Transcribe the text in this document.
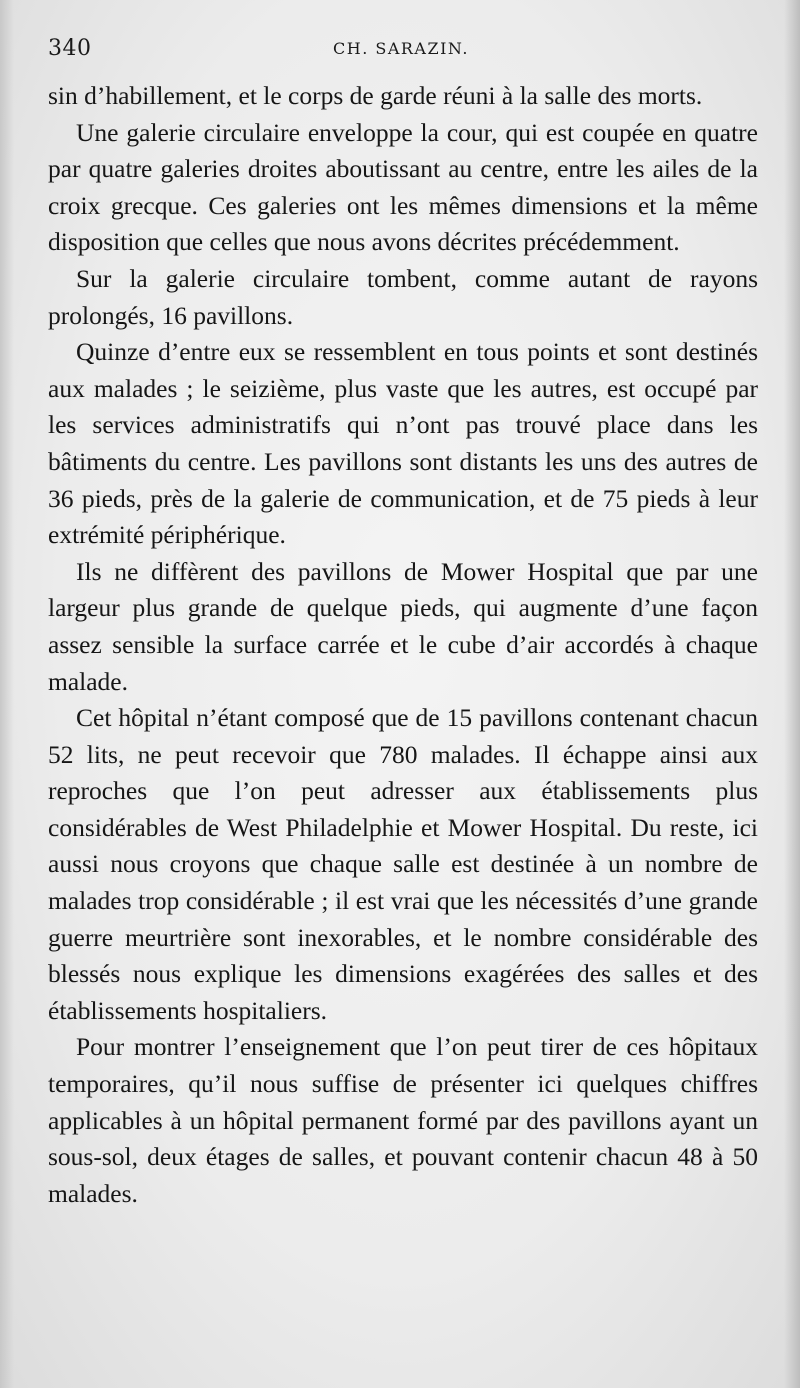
340	CH. SARAZIN.

sin d’habillement, et le corps de garde réuni à la salle des morts.

Une galerie circulaire enveloppe la cour, qui est coupée en quatre par quatre galeries droites aboutissant au centre, entre les ailes de la croix grecque. Ces galeries ont les mêmes dimensions et la même disposition que celles que nous avons décrites précédemment.

Sur la galerie circulaire tombent, comme autant de rayons prolongés, 16 pavillons.

Quinze d’entre eux se ressemblent en tous points et sont destinés aux malades ; le seizième, plus vaste que les autres, est occupé par les services administratifs qui n’ont pas trouvé place dans les bâtiments du centre. Les pavillons sont distants les uns des autres de 36 pieds, près de la galerie de communication, et de 75 pieds à leur extrémité périphérique.

Ils ne diffèrent des pavillons de Mower Hospital que par une largeur plus grande de quelque pieds, qui augmente d’une façon assez sensible la surface carrée et le cube d’air accordés à chaque malade.

Cet hôpital n’étant composé que de 15 pavillons contenant chacun 52 lits, ne peut recevoir que 780 malades. Il échappe ainsi aux reproches que l’on peut adresser aux établissements plus considérables de West Philadelphie et Mower Hospital. Du reste, ici aussi nous croyons que chaque salle est destinée à un nombre de malades trop considérable ; il est vrai que les nécessités d’une grande guerre meurtrière sont inexorables, et le nombre considérable des blessés nous explique les dimensions exagérées des salles et des établissements hospitaliers.

Pour montrer l’enseignement que l’on peut tirer de ces hôpitaux temporaires, qu’il nous suffise de présenter ici quelques chiffres applicables à un hôpital permanent formé par des pavillons ayant un sous-sol, deux étages de salles, et pouvant contenir chacun 48 à 50 malades.
